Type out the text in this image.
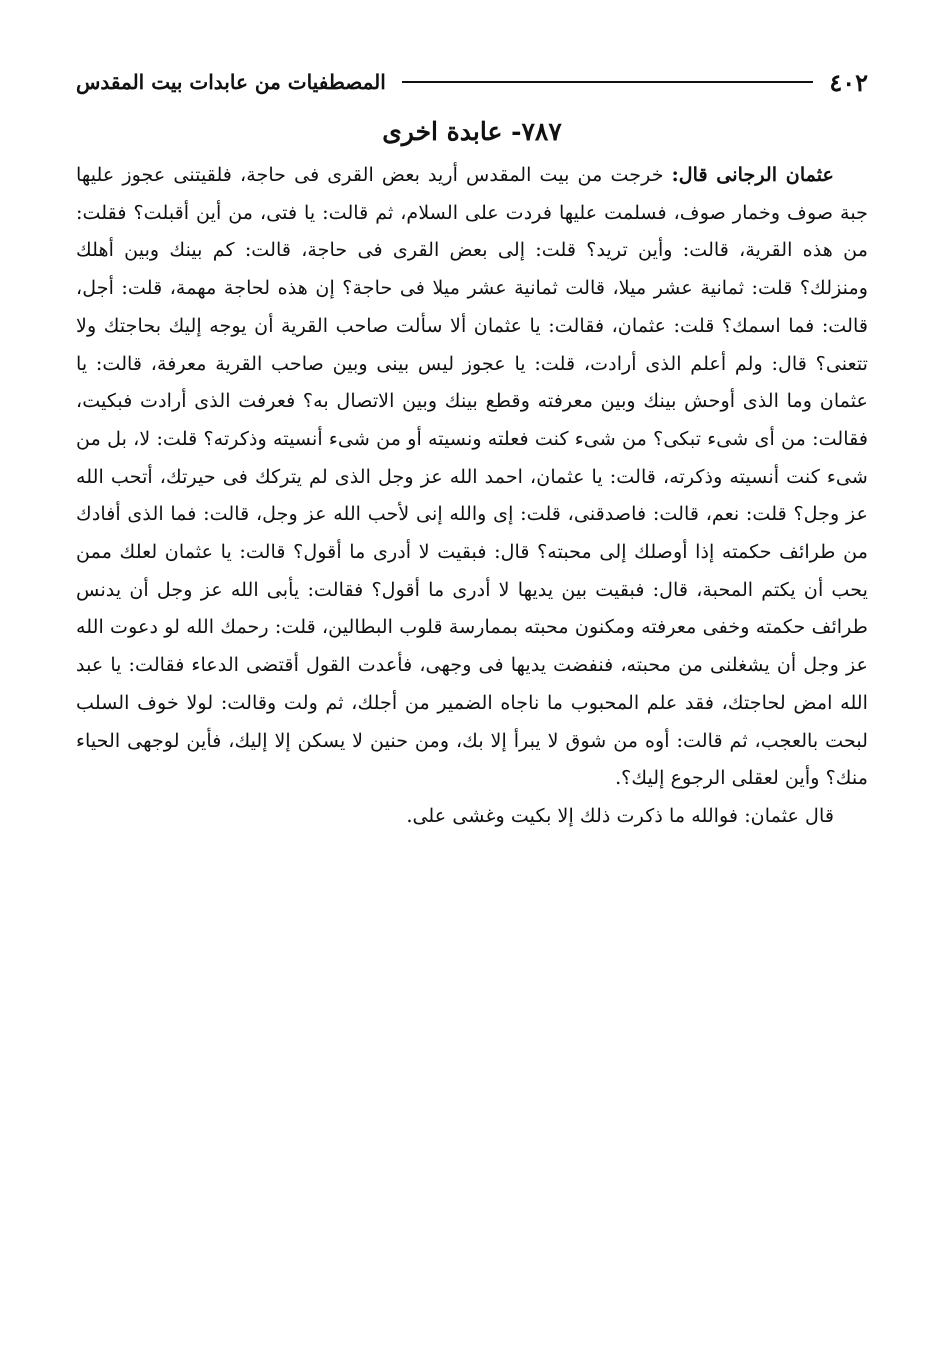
٤٠٢
المصطفيات من عابدات بيت المقدس
٧٨٧- عابدة اخرى

عثمان الرجانى قال: خرجت من بيت المقدس أريد بعض القرى فى حاجة، فلقيتنى عجوز عليها جبة صوف وخمار صوف، فسلمت عليها فردت على السلام، ثم قالت: يا فتى، من أين أقبلت؟ فقلت: من هذه القرية، قالت: وأين تريد؟ قلت: إلى بعض القرى فى حاجة، قالت: كم بينك وبين أهلك ومنزلك؟ قلت: ثمانية عشر ميلا، قالت ثمانية عشر ميلا فى حاجة؟ إن هذه لحاجة مهمة، قلت: أجل، قالت: فما اسمك؟ قلت: عثمان، فقالت: يا عثمان ألا سألت صاحب القرية أن يوجه إليك بحاجتك ولا تتعنى؟ قال: ولم أعلم الذى أرادت، قلت: يا عجوز ليس بينى وبين صاحب القرية معرفة، قالت: يا عثمان وما الذى أوحش بينك وبين معرفته وقطع بينك وبين الاتصال به؟ فعرفت الذى أرادت فبكيت، فقالت: من أى شىء تبكى؟ من شىء كنت فعلته ونسيته أو من شىء أنسيته وذكرته؟ قلت: لا، بل من شىء كنت أنسيته وذكرته، قالت: يا عثمان، احمد الله عز وجل الذى لم يتركك فى حيرتك، أتحب الله عز وجل؟ قلت: نعم، قالت: فاصدقنى، قلت: إى والله إنى لأحب الله عز وجل، قالت: فما الذى أفادك من طرائف حكمته إذا أوصلك إلى محبته؟ قال: فبقيت لا أدرى ما أقول؟ قالت: يا عثمان لعلك ممن يحب أن يكتم المحبة، قال: فبقيت بين يديها لا أدرى ما أقول؟ فقالت: يأبى الله عز وجل أن يدنس طرائف حكمته وخفى معرفته ومكنون محبته بممارسة قلوب البطالين، قلت: رحمك الله لو دعوت الله عز وجل أن يشغلنى من محبته، فنفضت يديها فى وجهى، فأعدت القول أقتضى الدعاء فقالت: يا عبد الله امض لحاجتك، فقد علم المحبوب ما ناجاه الضمير من أجلك، ثم ولت وقالت: لولا خوف السلب لبحت بالعجب، ثم قالت: أوه من شوق لا يبرأ إلا بك، ومن حنين لا يسكن إلا إليك، فأين لوجهى الحياء منك؟ وأين لعقلى الرجوع إليك؟.

قال عثمان: فوالله ما ذكرت ذلك إلا بكيت وغشى على.
